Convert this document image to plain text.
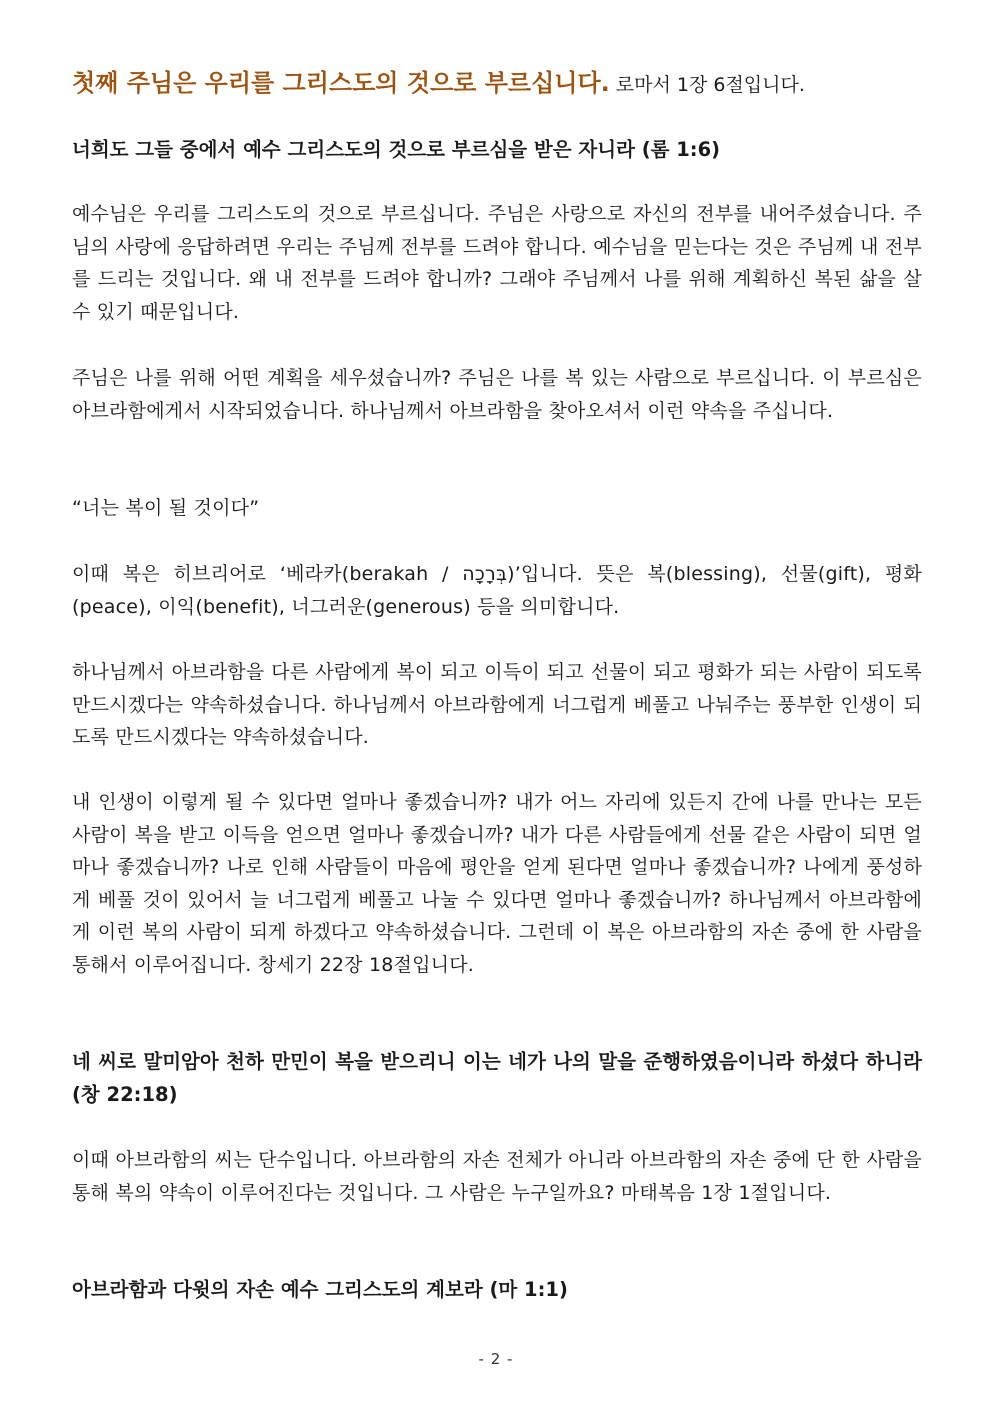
첫째 주님은 우리를 그리스도의 것으로 부르십니다. 로마서 1장 6절입니다.

너희도 그들 중에서 예수 그리스도의 것으로 부르심을 받은 자니라 (롬 1:6)

예수님은 우리를 그리스도의 것으로 부르십니다. 주님은 사랑으로 자신의 전부를 내어주셨습니다. 주님의 사랑에 응답하려면 우리는 주님께 전부를 드려야 합니다. 예수님을 믿는다는 것은 주님께 내 전부를 드리는 것입니다. 왜 내 전부를 드려야 합니까? 그래야 주님께서 나를 위해 계획하신 복된 삶을 살 수 있기 때문입니다.

주님은 나를 위해 어떤 계획을 세우셨습니까? 주님은 나를 복 있는 사람으로 부르십니다. 이 부르심은 아브라함에게서 시작되었습니다. 하나님께서 아브라함을 찾아오셔서 이런 약속을 주십니다.

“너는 복이 될 것이다”

이때 복은 히브리어로 ‘베라카(berakah / בְּרָכָה)’입니다. 뜻은 복(blessing), 선물(gift), 평화(peace), 이익(benefit), 너그러운(generous) 등을 의미합니다.

하나님께서 아브라함을 다른 사람에게 복이 되고 이득이 되고 선물이 되고 평화가 되는 사람이 되도록 만드시겠다는 약속하셨습니다. 하나님께서 아브라함에게 너그럽게 베풀고 나눠주는 풍부한 인생이 되도록 만드시겠다는 약속하셨습니다.

내 인생이 이렇게 될 수 있다면 얼마나 좋겠습니까? 내가 어느 자리에 있든지 간에 나를 만나는 모든 사람이 복을 받고 이득을 얻으면 얼마나 좋겠습니까? 내가 다른 사람들에게 선물 같은 사람이 되면 얼마나 좋겠습니까? 나로 인해 사람들이 마음에 평안을 얻게 된다면 얼마나 좋겠습니까? 나에게 풍성하게 베풀 것이 있어서 늘 너그럽게 베풀고 나눌 수 있다면 얼마나 좋겠습니까? 하나님께서 아브라함에게 이런 복의 사람이 되게 하겠다고 약속하셨습니다. 그런데 이 복은 아브라함의 자손 중에 한 사람을 통해서 이루어집니다. 창세기 22장 18절입니다.

네 씨로 말미암아 천하 만민이 복을 받으리니 이는 네가 나의 말을 준행하였음이니라 하셨다 하니라 (창 22:18)

이때 아브라함의 씨는 단수입니다. 아브라함의 자손 전체가 아니라 아브라함의 자손 중에 단 한 사람을 통해 복의 약속이 이루어진다는 것입니다. 그 사람은 누구일까요? 마태복음 1장 1절입니다.

아브라함과 다윗의 자손 예수 그리스도의 계보라 (마 1:1)

- 2 -
